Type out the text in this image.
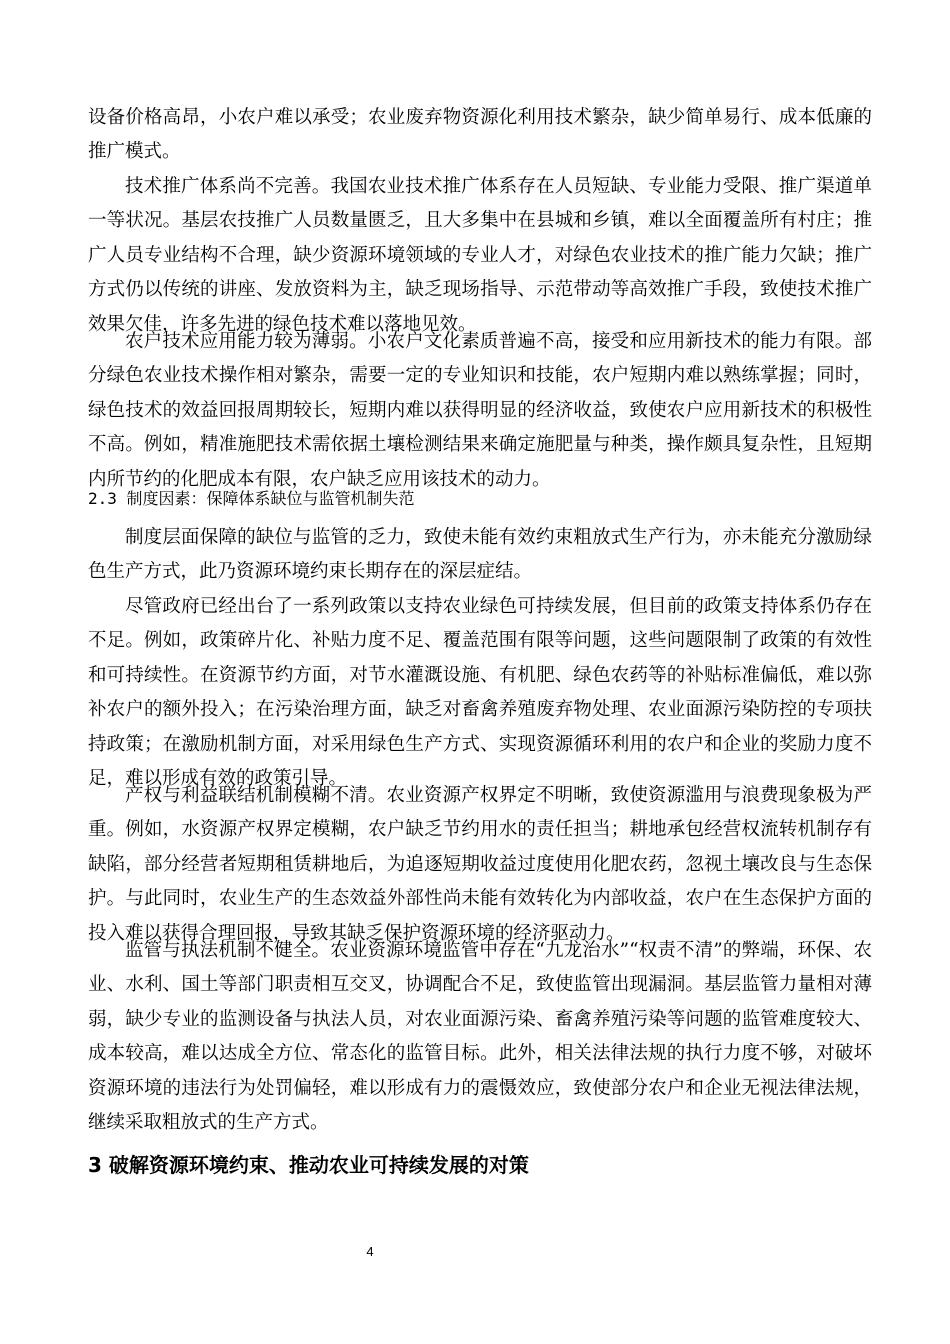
设备价格高昂，小农户难以承受；农业废弃物资源化利用技术繁杂，缺少简单易行、成本低廉的推广模式。

技术推广体系尚不完善。我国农业技术推广体系存在人员短缺、专业能力受限、推广渠道单一等状况。基层农技推广人员数量匮乏，且大多集中在县城和乡镇，难以全面覆盖所有村庄；推广人员专业结构不合理，缺少资源环境领域的专业人才，对绿色农业技术的推广能力欠缺；推广方式仍以传统的讲座、发放资料为主，缺乏现场指导、示范带动等高效推广手段，致使技术推广效果欠佳，许多先进的绿色技术难以落地见效。

农户技术应用能力较为薄弱。小农户文化素质普遍不高，接受和应用新技术的能力有限。部分绿色农业技术操作相对繁杂，需要一定的专业知识和技能，农户短期内难以熟练掌握；同时，绿色技术的效益回报周期较长，短期内难以获得明显的经济收益，致使农户应用新技术的积极性不高。例如，精准施肥技术需依据土壤检测结果来确定施肥量与种类，操作颇具复杂性，且短期内所节约的化肥成本有限，农户缺乏应用该技术的动力。

2.3 制度因素：保障体系缺位与监管机制失范

制度层面保障的缺位与监管的乏力，致使未能有效约束粗放式生产行为，亦未能充分激励绿色生产方式，此乃资源环境约束长期存在的深层症结。

尽管政府已经出台了一系列政策以支持农业绿色可持续发展，但目前的政策支持体系仍存在不足。例如，政策碎片化、补贴力度不足、覆盖范围有限等问题，这些问题限制了政策的有效性和可持续性。在资源节约方面，对节水灌溉设施、有机肥、绿色农药等的补贴标准偏低，难以弥补农户的额外投入；在污染治理方面，缺乏对畜禽养殖废弃物处理、农业面源污染防控的专项扶持政策；在激励机制方面，对采用绿色生产方式、实现资源循环利用的农户和企业的奖励力度不足，难以形成有效的政策引导。

产权与利益联结机制模糊不清。农业资源产权界定不明晰，致使资源滥用与浪费现象极为严重。例如，水资源产权界定模糊，农户缺乏节约用水的责任担当；耕地承包经营权流转机制存有缺陷，部分经营者短期租赁耕地后，为追逐短期收益过度使用化肥农药，忽视土壤改良与生态保护。与此同时，农业生产的生态效益外部性尚未能有效转化为内部收益，农户在生态保护方面的投入难以获得合理回报，导致其缺乏保护资源环境的经济驱动力。

监管与执法机制不健全。农业资源环境监管中存在“九龙治水”“权责不清”的弊端，环保、农业、水利、国土等部门职责相互交叉，协调配合不足，致使监管出现漏洞。基层监管力量相对薄弱，缺少专业的监测设备与执法人员，对农业面源污染、畜禽养殖污染等问题的监管难度较大、成本较高，难以达成全方位、常态化的监管目标。此外，相关法律法规的执行力度不够，对破坏资源环境的违法行为处罚偏轻，难以形成有力的震慑效应，致使部分农户和企业无视法律法规，继续采取粗放式的生产方式。

3 破解资源环境约束、推动农业可持续发展的对策
4
